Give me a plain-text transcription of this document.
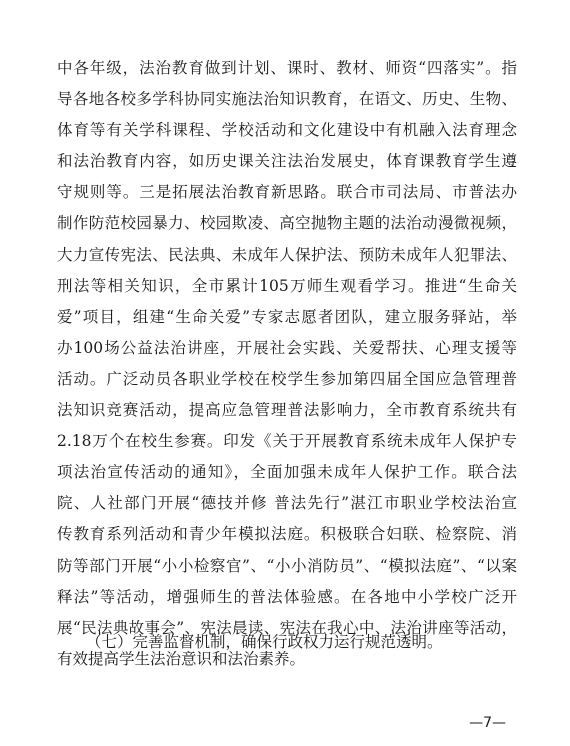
中各年级，法治教育做到计划、课时、教材、师资“四落实”。指
导各地各校多学科协同实施法治知识教育，在语文、历史、生物、
体育等有关学科课程、学校活动和文化建设中有机融入法育理念
和法治教育内容，如历史课关注法治发展史，体育课教育学生遵
守规则等。三是拓展法治教育新思路。联合市司法局、市普法办
制作防范校园暴力、校园欺凌、高空抛物主题的法治动漫微视频，
大力宣传宪法、民法典、未成年人保护法、预防未成年人犯罪法、
刑法等相关知识，全市累计105万师生观看学习。推进“生命关
爱”项目，组建“生命关爱”专家志愿者团队，建立服务驿站，举
办100场公益法治讲座，开展社会实践、关爱帮扶、心理支援等
活动。广泛动员各职业学校在校学生参加第四届全国应急管理普
法知识竞赛活动，提高应急管理普法影响力，全市教育系统共有
2.18万个在校生参赛。印发《关于开展教育系统未成年人保护专
项法治宣传活动的通知》，全面加强未成年人保护工作。联合法
院、人社部门开展“德技并修 普法先行”湛江市职业学校法治宣
传教育系列活动和青少年模拟法庭。积极联合妇联、检察院、消
防等部门开展“小小检察官”、“小小消防员”、“模拟法庭”、“以案
释法”等活动，增强师生的普法体验感。在各地中小学校广泛开
展“民法典故事会”、宪法晨读、宪法在我心中、法治讲座等活动，
有效提高学生法治意识和法治素养。
（七）完善监督机制，确保行政权力运行规范透明。
—7—
